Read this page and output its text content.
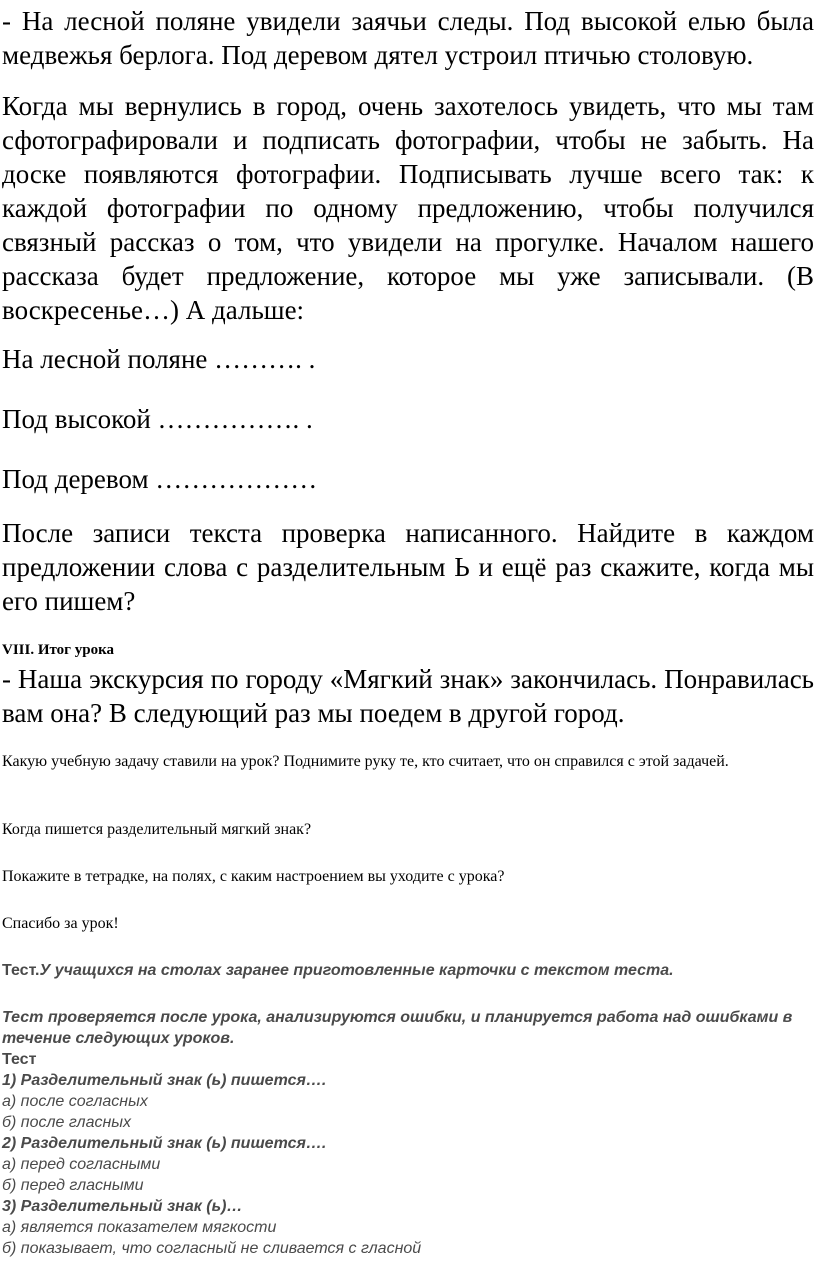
- На лесной поляне увидели заячьи следы. Под высокой елью была медвежья берлога. Под деревом дятел устроил птичью столовую.

Когда мы вернулись в город, очень захотелось увидеть, что мы там сфотографировали и подписать фотографии, чтобы не забыть. На доске появляются фотографии. Подписывать лучше всего так: к каждой фотографии по одному предложению, чтобы получился связный рассказ о том, что увидели на прогулке. Началом нашего рассказа будет предложение, которое мы уже записывали. (В воскресенье…) А дальше:

На лесной поляне ………. .

Под высокой ……………. .

Под деревом ………………

После записи текста проверка написанного. Найдите в каждом предложении слова с разделительным Ь и ещё раз скажите, когда мы его пишем?

VIII. Итог урока

- Наша экскурсия по городу «Мягкий знак» закончилась. Понравилась вам она? В следующий раз мы поедем в другой город.

Какую учебную задачу ставили на урок? Поднимите руку те, кто считает, что он справился с этой задачей.

Когда пишется разделительный мягкий знак?

Покажите в тетрадке, на полях, с каким настроением вы уходите с урока?

Спасибо за урок!

Тест.У учащихся на столах заранее приготовленные карточки с текстом теста.

Тест проверяется после урока, анализируются ошибки, и планируется работа над ошибками в течение следующих уроков.

Тест

1) Разделительный знак (ь) пишется….

а) после согласных

б) после гласных

2) Разделительный знак (ь) пишется….

а) перед согласными

б) перед гласными

3) Разделительный знак (ь)…

а) является показателем мягкости

б) показывает, что согласный не сливается с гласной
